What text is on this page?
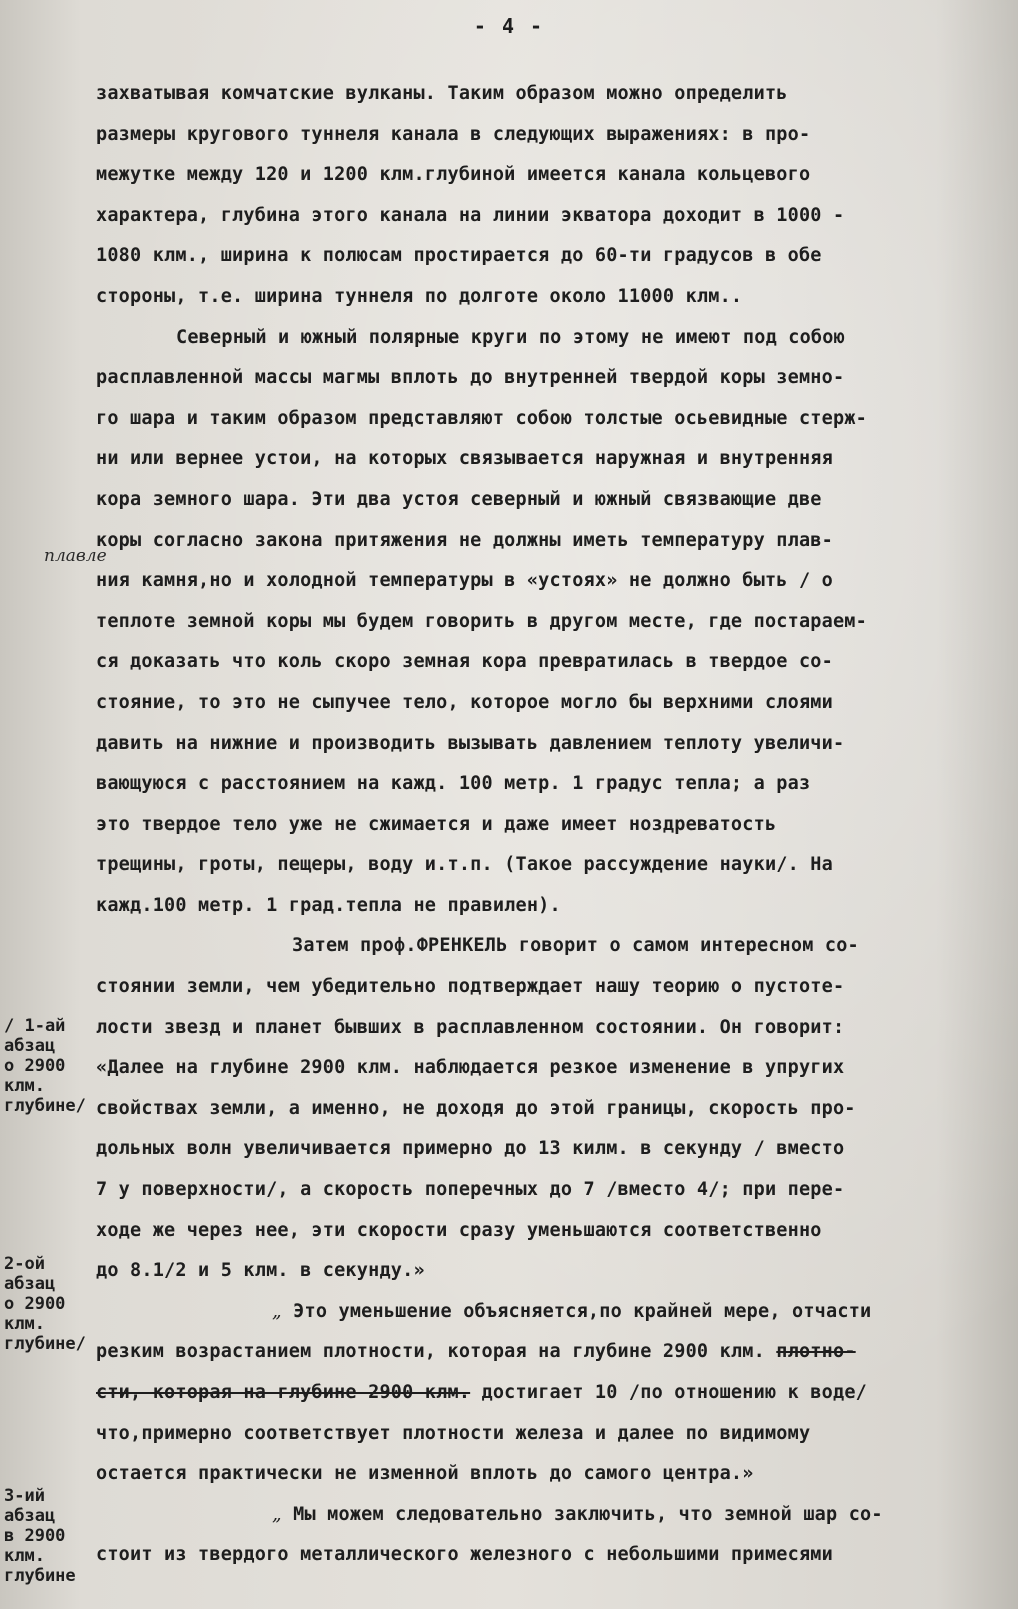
- 4 -
захватывая комчатские вулканы. Таким образом можно определить
размеры кругового туннеля канала в следующих выражениях: в про-
межутке между 120 и 1200 клм.глубиной имеется канала кольцевого
характера, глубина этого канала на линии экватора доходит в 1000 -
1080 клм., ширина к полюсам простирается до 60-ти градусов в обе
стороны, т.е. ширина туннеля по долготе около 11000 клм..
Северный и южный полярные круги по этому не имеют под собою
расплавленной массы магмы вплоть до внутренней твердой коры земно-
го шара и таким образом представляют собою толстые осьевидные стерж-
ни или вернее устои, на которых связывается наружная и внутренняя
кора земного шара. Эти два устоя северный и южный связвающие две
коры согласно закона притяжения не должны иметь температуру плав-
ния камня,но и холодной температуры в «устоях» не должно быть / о
теплоте земной коры мы будем говорить в другом месте, где постараем-
ся доказать что коль скоро земная кора превратилась в твердое со-
стояние, то это не сыпучее тело, которое могло бы верхними слоями
давить на нижние и производить вызывать давлением теплоту увеличи-
вающуюся с расстоянием на кажд. 100 метр. 1 градус тепла; а раз
это твердое тело уже не сжимается и даже имеет ноздреватость
трещины, гроты, пещеры, воду и.т.п. (Такое рассуждение науки/. На
кажд.100 метр. 1 град.тепла не правилен).
Затем проф.ФРЕНКЕЛЬ говорит о самом интересном со-
стоянии земли, чем убедительно подтверждает нашу теорию о пустоте-
лости звезд и планет бывших в расплавленном состоянии. Он говорит:
«Далее на глубине 2900 клм. наблюдается резкое изменение в упругих
свойствах земли, а именно, не доходя до этой границы, скорость про-
дольных волн увеличивается примерно до 13 килм. в секунду / вместо
7 у поверхности/, а скорость поперечных до 7 /вместо 4/; при пере-
ходе же через нее, эти скорости сразу уменьшаются соответственно
до 8.1/2 и 5 клм. в секунду.»
„ Это уменьшение объясняется,по крайней мере, отчасти
резким возрастанием плотности, которая на глубине 2900 клм. плотно-
сти, которая на глубине 2900 клм. достигает 10 /по отношению к воде/
что,примерно соответствует плотности железа и далее по видимому
остается практически не изменной вплоть до самого центра.»
„ Мы можем следовательно заключить, что земной шар со-
стоит из твердого металлического железного с небольшими примесями
плавле
/ 1-ай
абзац
о 2900
клм.
глубине/
2-ой
абзац
о 2900
клм.
глубине/
3-ий
абзац
в 2900
клм.
глубине
